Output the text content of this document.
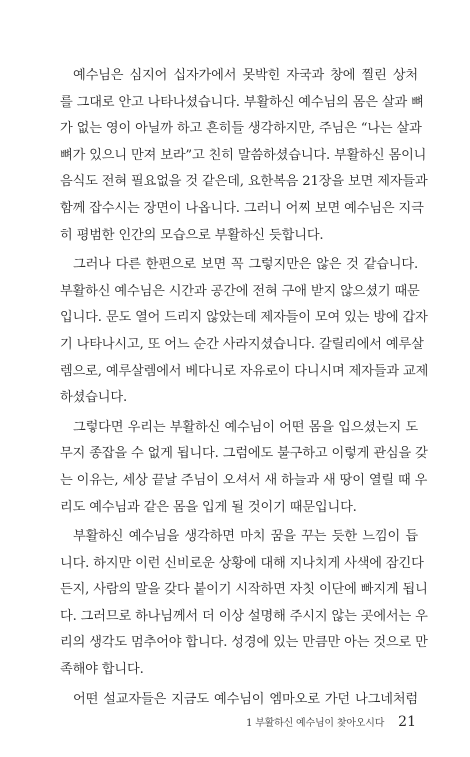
예수님은 심지어 십자가에서 못박힌 자국과 창에 찔린 상처
를 그대로 안고 나타나셨습니다. 부활하신 예수님의 몸은 살과 뼈
가 없는 영이 아닐까 하고 흔히들 생각하지만, 주님은 “나는 살과
뼈가 있으니 만져 보라”고 친히 말씀하셨습니다. 부활하신 몸이니
음식도 전혀 필요없을 것 같은데, 요한복음 21장을 보면 제자들과
함께 잡수시는 장면이 나옵니다. 그러니 어찌 보면 예수님은 지극
히 평범한 인간의 모습으로 부활하신 듯합니다.
그러나 다른 한편으로 보면 꼭 그렇지만은 않은 것 같습니다.
부활하신 예수님은 시간과 공간에 전혀 구애 받지 않으셨기 때문
입니다. 문도 열어 드리지 않았는데 제자들이 모여 있는 방에 갑자
기 나타나시고, 또 어느 순간 사라지셨습니다. 갈릴리에서 예루살
렘으로, 예루살렘에서 베다니로 자유로이 다니시며 제자들과 교제
하셨습니다.
그렇다면 우리는 부활하신 예수님이 어떤 몸을 입으셨는지 도
무지 종잡을 수 없게 됩니다. 그럼에도 불구하고 이렇게 관심을 갖
는 이유는, 세상 끝날 주님이 오셔서 새 하늘과 새 땅이 열릴 때 우
리도 예수님과 같은 몸을 입게 될 것이기 때문입니다.
부활하신 예수님을 생각하면 마치 꿈을 꾸는 듯한 느낌이 듭
니다. 하지만 이런 신비로운 상황에 대해 지나치게 사색에 잠긴다
든지, 사람의 말을 갖다 붙이기 시작하면 자칫 이단에 빠지게 됩니
다. 그러므로 하나님께서 더 이상 설명해 주시지 않는 곳에서는 우
리의 생각도 멈추어야 합니다. 성경에 있는 만큼만 아는 것으로 만
족해야 합니다.
어떤 설교자들은 지금도 예수님이 엠마오로 가던 나그네처럼
1 부활하신 예수님이 찾아오시다 21
